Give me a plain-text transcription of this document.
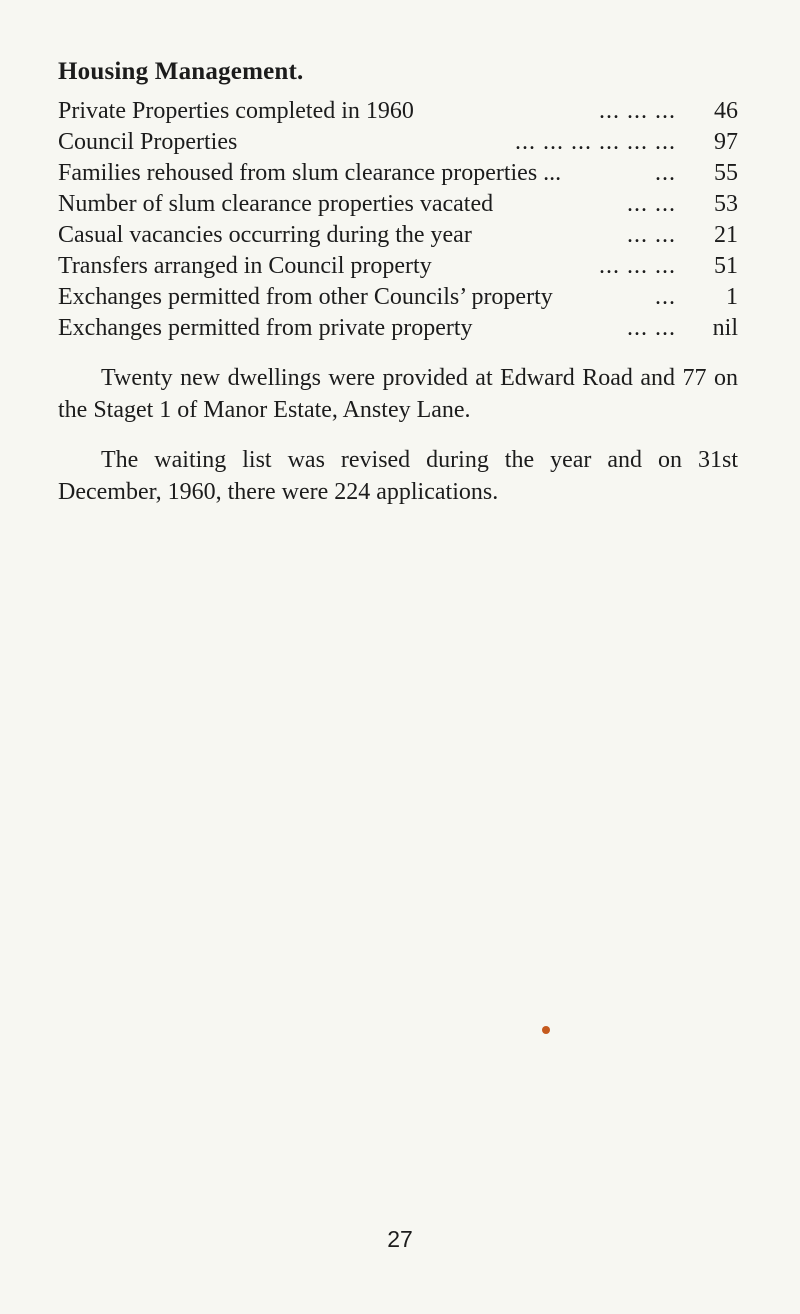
Housing Management.
Private Properties completed in 1960	... ... ...	46
Council Properties	... ... ... ... ... ...	97
Families rehoused from slum clearance properties ...	...	55
Number of slum clearance properties vacated	... ...	53
Casual vacancies occurring during the year	... ...	21
Transfers arranged in Council property	... ... ...	51
Exchanges permitted from other Councils’ property	...	1
Exchanges permitted from private property	... ...	nil

Twenty new dwellings were provided at Edward Road and 77 on the Staget 1 of Manor Estate, Anstey Lane.

The waiting list was revised during the year and on 31st December, 1960, there were 224 applications.

27
